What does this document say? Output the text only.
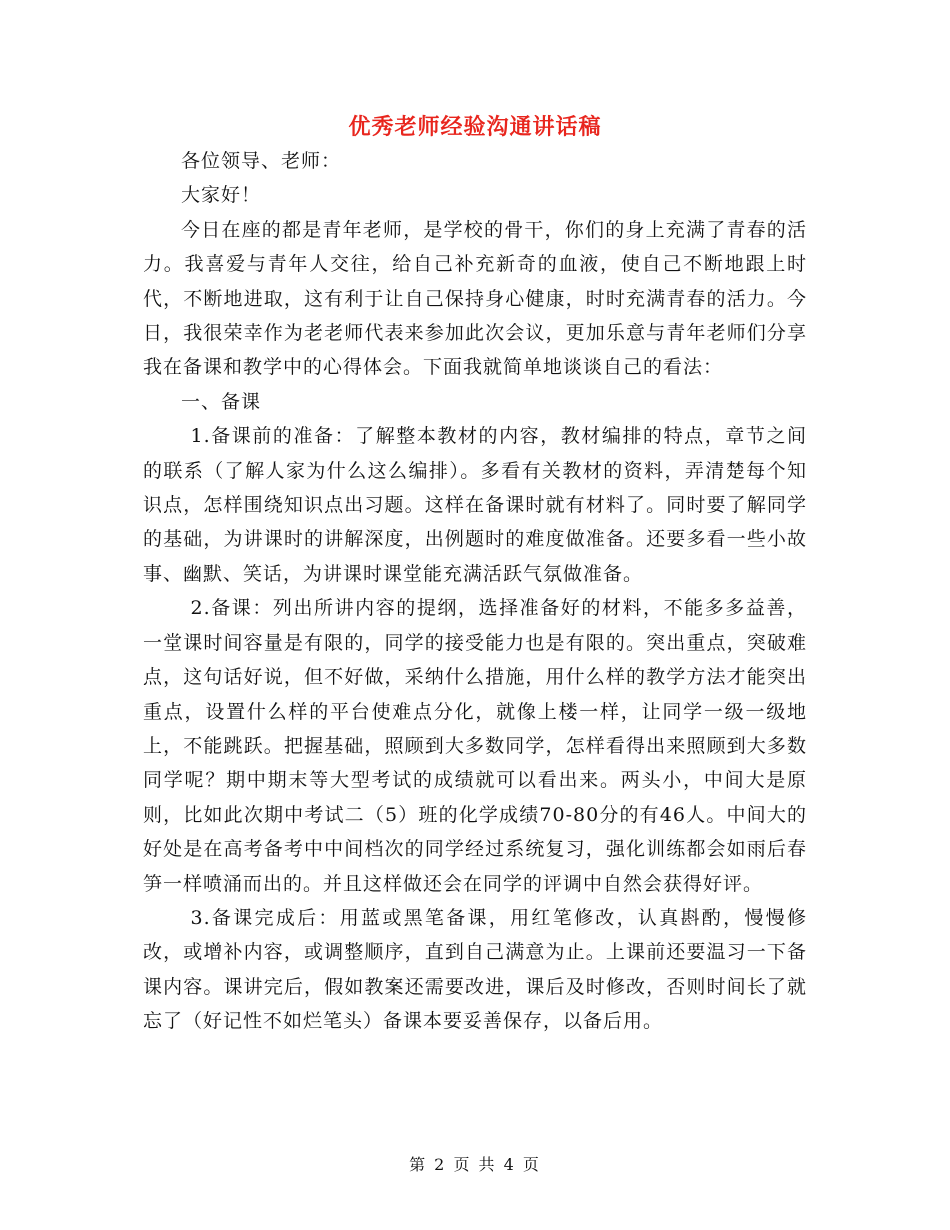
优秀老师经验沟通讲话稿

各位领导、老师：

大家好！

今日在座的都是青年老师，是学校的骨干，你们的身上充满了青春的活力。我喜爱与青年人交往，给自己补充新奇的血液，使自己不断地跟上时代，不断地进取，这有利于让自己保持身心健康，时时充满青春的活力。今日，我很荣幸作为老老师代表来参加此次会议，更加乐意与青年老师们分享我在备课和教学中的心得体会。下面我就简单地谈谈自己的看法：

一、备课

1.备课前的准备：了解整本教材的内容，教材编排的特点，章节之间的联系（了解人家为什么这么编排）。多看有关教材的资料，弄清楚每个知识点，怎样围绕知识点出习题。这样在备课时就有材料了。同时要了解同学的基础，为讲课时的讲解深度，出例题时的难度做准备。还要多看一些小故事、幽默、笑话，为讲课时课堂能充满活跃气氛做准备。

2.备课：列出所讲内容的提纲，选择准备好的材料，不能多多益善，一堂课时间容量是有限的，同学的接受能力也是有限的。突出重点，突破难点，这句话好说，但不好做，采纳什么措施，用什么样的教学方法才能突出重点，设置什么样的平台使难点分化，就像上楼一样，让同学一级一级地上，不能跳跃。把握基础，照顾到大多数同学，怎样看得出来照顾到大多数同学呢？期中期末等大型考试的成绩就可以看出来。两头小，中间大是原则，比如此次期中考试二（5）班的化学成绩70-80分的有46人。中间大的好处是在高考备考中中间档次的同学经过系统复习，强化训练都会如雨后春笋一样喷涌而出的。并且这样做还会在同学的评调中自然会获得好评。

3.备课完成后：用蓝或黑笔备课，用红笔修改，认真斟酌，慢慢修改，或增补内容，或调整顺序，直到自己满意为止。上课前还要温习一下备课内容。课讲完后，假如教案还需要改进，课后及时修改，否则时间长了就忘了（好记性不如烂笔头）备课本要妥善保存，以备后用。

第 2 页 共 4 页
